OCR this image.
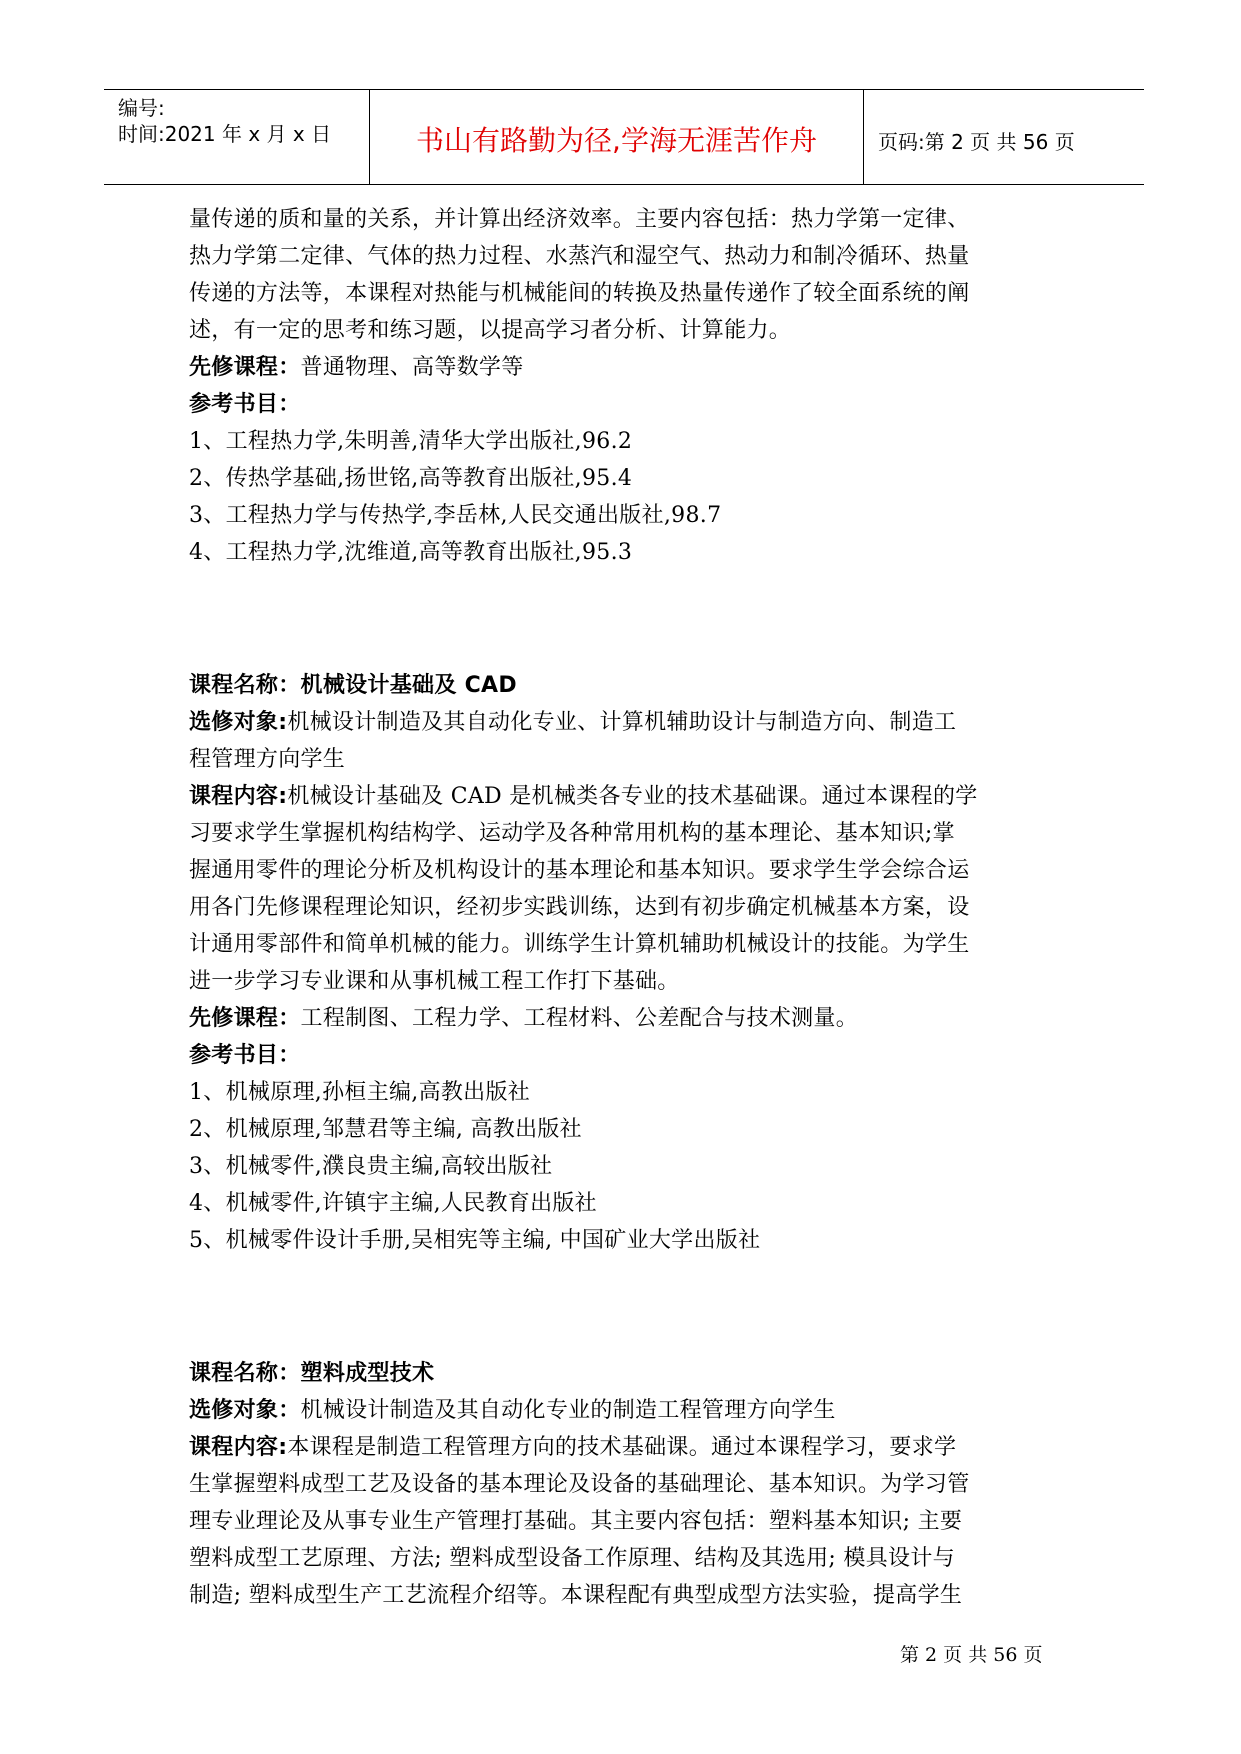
编号:
时间:2021 年 x 月 x 日	书山有路勤为径,学海无涯苦作舟	页码:第 2 页 共 56 页
量传递的质和量的关系，并计算出经济效率。主要内容包括：热力学第一定律、
热力学第二定律、气体的热力过程、水蒸汽和湿空气、热动力和制冷循环、热量
传递的方法等，本课程对热能与机械能间的转换及热量传递作了较全面系统的阐
述，有一定的思考和练习题，以提高学习者分析、计算能力。
先修课程：普通物理、高等数学等
参考书目：
1、工程热力学,朱明善,清华大学出版社,96.2
2、传热学基础,扬世铭,高等教育出版社,95.4
3、工程热力学与传热学,李岳林,人民交通出版社,98.7
4、工程热力学,沈维道,高等教育出版社,95.3
课程名称：机械设计基础及 CAD
选修对象:机械设计制造及其自动化专业、计算机辅助设计与制造方向、制造工
程管理方向学生
课程内容:机械设计基础及 CAD 是机械类各专业的技术基础课。通过本课程的学
习要求学生掌握机构结构学、运动学及各种常用机构的基本理论、基本知识;掌
握通用零件的理论分析及机构设计的基本理论和基本知识。要求学生学会综合运
用各门先修课程理论知识，经初步实践训练，达到有初步确定机械基本方案，设
计通用零部件和简单机械的能力。训练学生计算机辅助机械设计的技能。为学生
进一步学习专业课和从事机械工程工作打下基础。
先修课程：工程制图、工程力学、工程材料、公差配合与技术测量。
参考书目：
1、机械原理,孙桓主编,高教出版社
2、机械原理,邹慧君等主编, 高教出版社
3、机械零件,濮良贵主编,高较出版社
4、机械零件,许镇宇主编,人民教育出版社
5、机械零件设计手册,吴相宪等主编, 中国矿业大学出版社
课程名称：塑料成型技术
选修对象：机械设计制造及其自动化专业的制造工程管理方向学生
课程内容:本课程是制造工程管理方向的技术基础课。通过本课程学习，要求学
生掌握塑料成型工艺及设备的基本理论及设备的基础理论、基本知识。为学习管
理专业理论及从事专业生产管理打基础。其主要内容包括：塑料基本知识; 主要
塑料成型工艺原理、方法; 塑料成型设备工作原理、结构及其选用; 模具设计与
制造; 塑料成型生产工艺流程介绍等。本课程配有典型成型方法实验，提高学生
第 2 页 共 56 页
